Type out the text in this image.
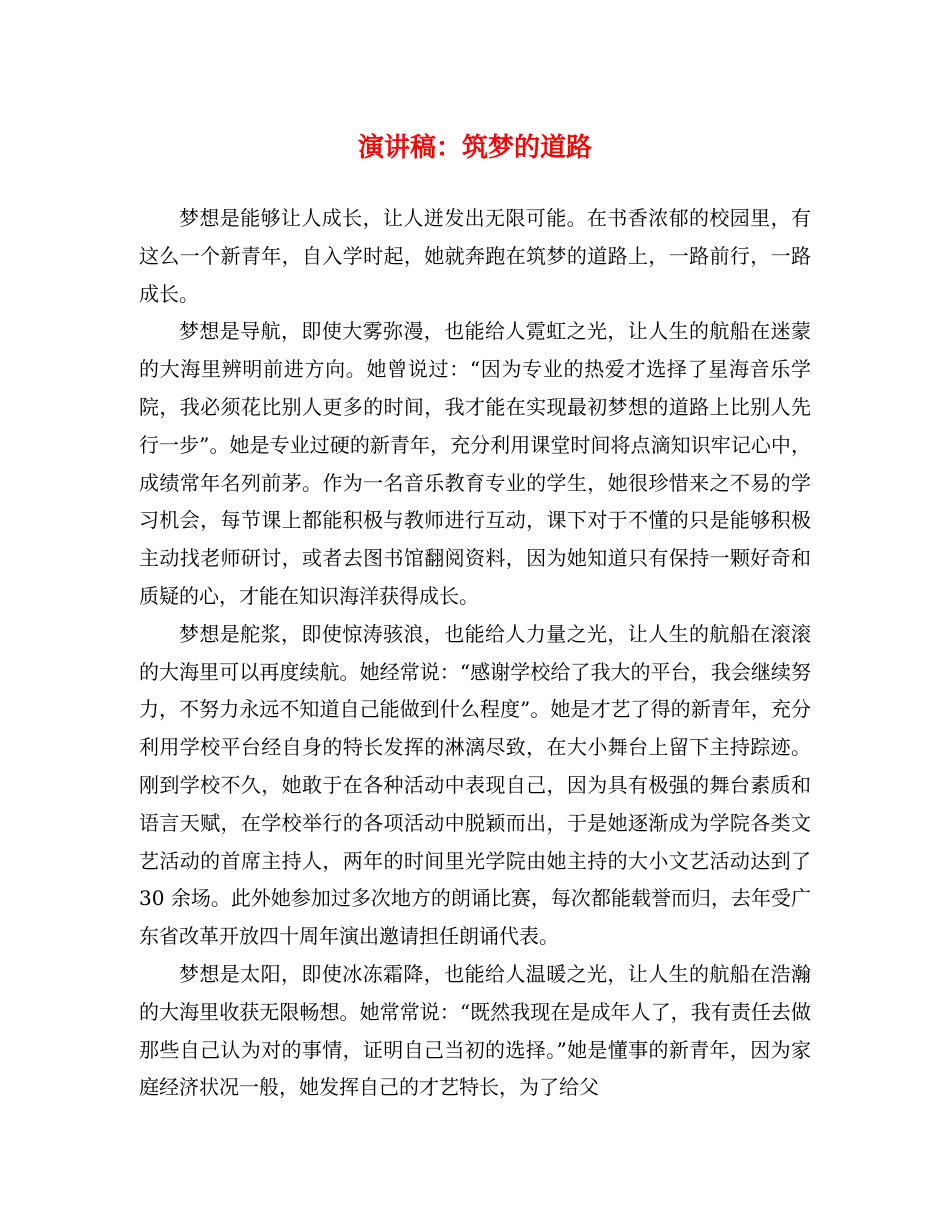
演讲稿：筑梦的道路

梦想是能够让人成长，让人迸发出无限可能。在书香浓郁的校园里，有这么一个新青年，自入学时起，她就奔跑在筑梦的道路上，一路前行，一路成长。

梦想是导航，即使大雾弥漫，也能给人霓虹之光，让人生的航船在迷蒙的大海里辨明前进方向。她曾说过：“因为专业的热爱才选择了星海音乐学院，我必须花比别人更多的时间，我才能在实现最初梦想的道路上比别人先行一步”。她是专业过硬的新青年，充分利用课堂时间将点滴知识牢记心中，成绩常年名列前茅。作为一名音乐教育专业的学生，她很珍惜来之不易的学习机会，每节课上都能积极与教师进行互动，课下对于不懂的只是能够积极主动找老师研讨，或者去图书馆翻阅资料，因为她知道只有保持一颗好奇和质疑的心，才能在知识海洋获得成长。

梦想是舵浆，即使惊涛骇浪，也能给人力量之光，让人生的航船在滚滚的大海里可以再度续航。她经常说：“感谢学校给了我大的平台，我会继续努力，不努力永远不知道自己能做到什么程度”。她是才艺了得的新青年，充分利用学校平台经自身的特长发挥的淋漓尽致，在大小舞台上留下主持踪迹。刚到学校不久，她敢于在各种活动中表现自己，因为具有极强的舞台素质和语言天赋，在学校举行的各项活动中脱颖而出，于是她逐渐成为学院各类文艺活动的首席主持人，两年的时间里光学院由她主持的大小文艺活动达到了 30 余场。此外她参加过多次地方的朗诵比赛，每次都能载誉而归，去年受广东省改革开放四十周年演出邀请担任朗诵代表。

梦想是太阳，即使冰冻霜降，也能给人温暖之光，让人生的航船在浩瀚的大海里收获无限畅想。她常常说：“既然我现在是成年人了，我有责任去做那些自己认为对的事情，证明自己当初的选择。”她是懂事的新青年，因为家庭经济状况一般，她发挥自己的才艺特长，为了给父
